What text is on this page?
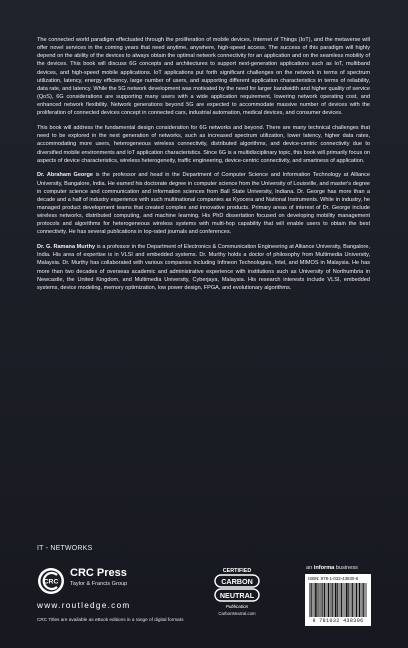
The connected world paradigm effectuated through the proliferation of mobile devices, Internet of Things (IoT), and the metaverse will offer novel services in the coming years that need anytime, anywhere, high-speed access. The success of this paradigm will highly depend on the ability of the devices to always obtain the optimal network connectivity for an application and on the seamless mobility of the devices. This book will discuss 6G concepts and architectures to support next-generation applications such as IoT, multiband devices, and high-speed mobile applications. IoT applications put forth significant challenges on the network in terms of spectrum utilization, latency, energy efficiency, large number of users, and supporting different application characteristics in terms of reliability, data rate, and latency. While the 5G network development was motivated by the need for larger bandwidth and higher quality of service (QoS), 6G considerations are supporting many users with a wide application requirement, lowering network operating cost, and enhanced network flexibility. Network generations beyond 5G are expected to accommodate massive number of devices with the proliferation of connected devices concept in connected cars, industrial automation, medical devices, and consumer devices.

This book will address the fundamental design consideration for 6G networks and beyond. There are many technical challenges that need to be explored in the next generation of networks, such as increased spectrum utilization, lower latency, higher data rates, accommodating more users, heterogeneous wireless connectivity, distributed algorithms, and device-centric connectivity due to diversified mobile environments and IoT application characteristics. Since 6G is a multidisciplinary topic, this book will primarily focus on aspects of device characteristics, wireless heterogeneity, traffic engineering, device-centric connectivity, and smartness of application.

Dr. Abraham George is the professor and head in the Department of Computer Science and Information Technology at Alliance University, Bangalore, India. He earned his doctorate degree in computer science from the University of Louisville, and master's degree in computer science and communication and information sciences from Ball State University, Indiana. Dr. George has more than a decade and a half of industry experience with such multinational companies as Kyocera and National Instruments. While in industry, he managed product development teams that created complex and innovative products. Primary areas of interest of Dr. George include wireless networks, distributed computing, and machine learning. His PhD dissertation focused on developing mobility management protocols and algorithms for heterogeneous wireless systems with multi-hop capability that will enable users to obtain the best connectivity. He has several publications in top-rated journals and conferences.

Dr. G. Ramana Murthy is a professor in the Department of Electronics & Communication Engineering at Alliance University, Bangalore, India. His area of expertise is in VLSI and embedded systems. Dr. Murthy holds a doctor of philosophy from Multimedia University, Malaysia. Dr. Murthy has collaborated with various companies including Infineon Technologies, Intel, and MIMOS in Malaysia. He has more than two decades of overseas academic and administrative experience with institutions such as University of Northumbria in Newcastle, the United Kingdom, and Multimedia University, Cyberjaya, Malaysia. His research interests include VLSI, embedded systems, device modeling, memory optimization, low power design, FPGA, and evolutionary algorithms.

IT - NETWORKS
CRC
CRC Press
Taylor & Francis Group
www.routledge.com
CRC Titles are available as eBook editions in a range of digital formats
CERTIFIED
CARBON
NEUTRAL
Publication
CarbonNeutral.com
an informa business
ISBN: 978-1-032-43830-6
9 781032 438306
